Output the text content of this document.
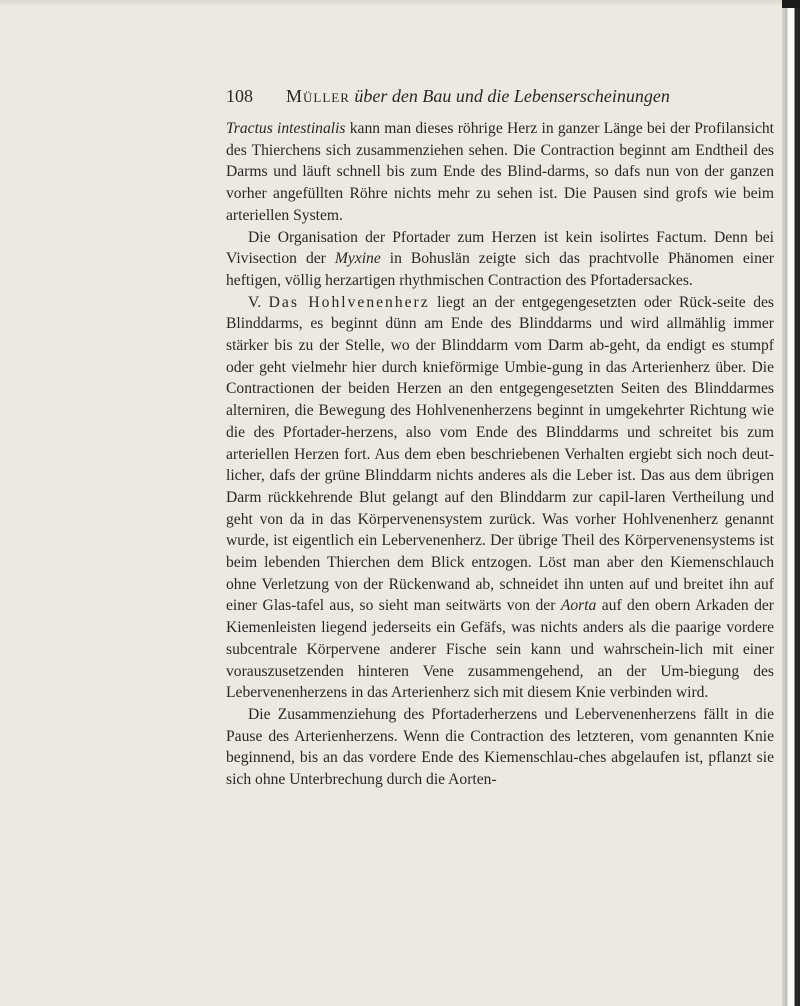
108 Müller über den Bau und die Lebenserscheinungen

Tractus intestinalis kann man dieses röhrige Herz in ganzer Länge bei der Profilansicht des Thierchens sich zusammenziehen sehen. Die Contraction beginnt am Endtheil des Darms und läuft schnell bis zum Ende des Blind-darms, so dafs nun von der ganzen vorher angefüllten Röhre nichts mehr zu sehen ist. Die Pausen sind grofs wie beim arteriellen System.

Die Organisation der Pfortader zum Herzen ist kein isolirtes Factum. Denn bei Vivisection der Myxine in Bohuslän zeigte sich das prachtvolle Phänomen einer heftigen, völlig herzartigen rhythmischen Contraction des Pfortadersackes.

V. Das Hohlvenenherz liegt an der entgegengesetzten oder Rück-seite des Blinddarms, es beginnt dünn am Ende des Blinddarms und wird allmählig immer stärker bis zu der Stelle, wo der Blinddarm vom Darm ab-geht, da endigt es stumpf oder geht vielmehr hier durch knieförmige Umbie-gung in das Arterienherz über. Die Contractionen der beiden Herzen an den entgegengesetzten Seiten des Blinddarmes alterniren, die Bewegung des Hohlvenenherzens beginnt in umgekehrter Richtung wie die des Pfortader-herzens, also vom Ende des Blinddarms und schreitet bis zum arteriellen Herzen fort. Aus dem eben beschriebenen Verhalten ergiebt sich noch deut-licher, dafs der grüne Blinddarm nichts anderes als die Leber ist. Das aus dem übrigen Darm rückkehrende Blut gelangt auf den Blinddarm zur capil-laren Vertheilung und geht von da in das Körpervenensystem zurück. Was vorher Hohlvenenherz genannt wurde, ist eigentlich ein Lebervenenherz. Der übrige Theil des Körpervenensystems ist beim lebenden Thierchen dem Blick entzogen. Löst man aber den Kiemenschlauch ohne Verletzung von der Rückenwand ab, schneidet ihn unten auf und breitet ihn auf einer Glas-tafel aus, so sieht man seitwärts von der Aorta auf den obern Arkaden der Kiemenleisten liegend jederseits ein Gefäfs, was nichts anders als die paarige vordere subcentrale Körpervene anderer Fische sein kann und wahrschein-lich mit einer vorauszusetzenden hinteren Vene zusammengehend, an der Um-biegung des Lebervenenherzens in das Arterienherz sich mit diesem Knie verbinden wird.

Die Zusammenziehung des Pfortaderherzens und Lebervenenherzens fällt in die Pause des Arterienherzens. Wenn die Contraction des letzteren, vom genannten Knie beginnend, bis an das vordere Ende des Kiemenschlau-ches abgelaufen ist, pflanzt sie sich ohne Unterbrechung durch die Aorten-
